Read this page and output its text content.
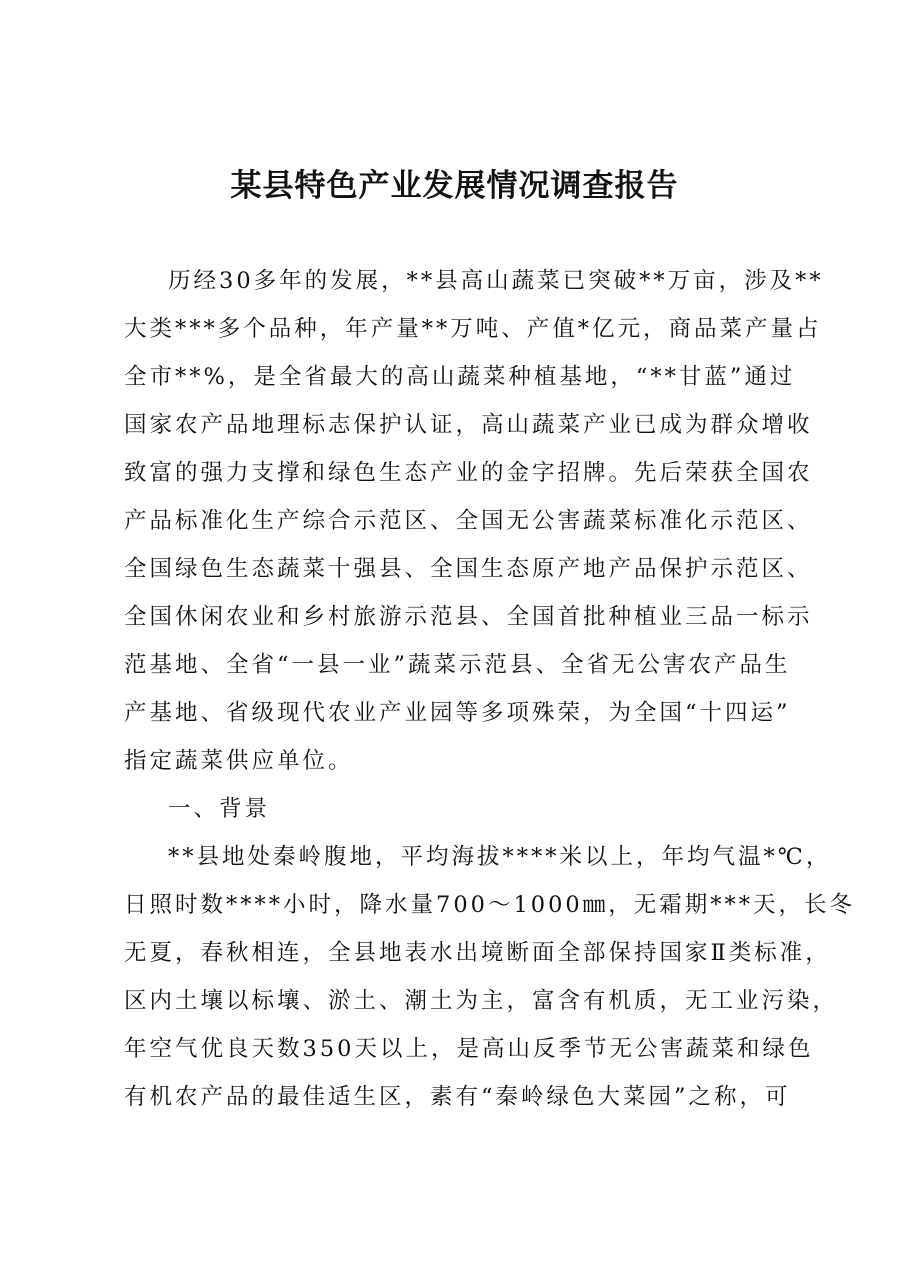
某县特色产业发展情况调查报告

历经30多年的发展，**县高山蔬菜已突破**万亩，涉及**

大类***多个品种，年产量**万吨、产值*亿元，商品菜产量占

全市**%，是全省最大的高山蔬菜种植基地，“**甘蓝”通过

国家农产品地理标志保护认证，高山蔬菜产业已成为群众增收

致富的强力支撑和绿色生态产业的金字招牌。先后荣获全国农

产品标准化生产综合示范区、全国无公害蔬菜标准化示范区、

全国绿色生态蔬菜十强县、全国生态原产地产品保护示范区、

全国休闲农业和乡村旅游示范县、全国首批种植业三品一标示

范基地、全省“一县一业”蔬菜示范县、全省无公害农产品生

产基地、省级现代农业产业园等多项殊荣，为全国“十四运”

指定蔬菜供应单位。

一、背景

**县地处秦岭腹地，平均海拔****米以上，年均气温*℃，

日照时数****小时，降水量700～1000㎜，无霜期***天，长冬

无夏，春秋相连，全县地表水出境断面全部保持国家Ⅱ类标准，

区内土壤以标壤、淤土、潮土为主，富含有机质，无工业污染，

年空气优良天数350天以上，是高山反季节无公害蔬菜和绿色

有机农产品的最佳适生区，素有“秦岭绿色大菜园”之称，可
